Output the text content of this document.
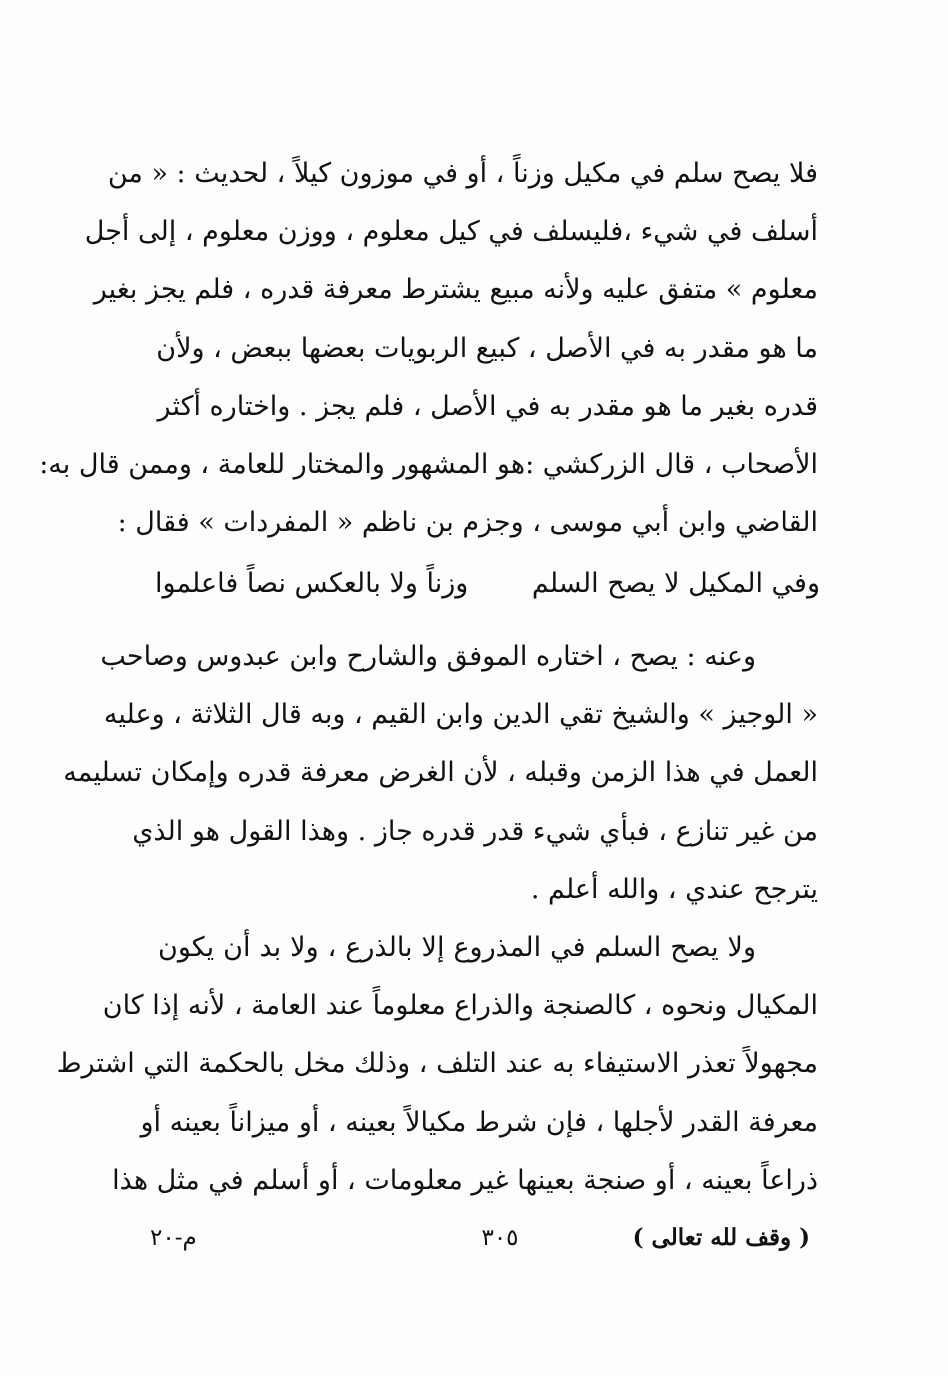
فلا يصح سلم في مكيل وزناً ، أو في موزون كيلاً ، لحديث : « من
أسلف في شيء ،فليسلف في كيل معلوم ، ووزن معلوم ، إلى أجل
معلوم » متفق عليه ولأنه مبيع يشترط معرفة قدره ، فلم يجز بغير
ما هو مقدر به في الأصل ، كبيع الربويات بعضها ببعض ، ولأن
قدره بغير ما هو مقدر به في الأصل ، فلم يجز . واختاره أكثر
الأصحاب ، قال الزركشي :هو المشهور والمختار للعامة ، وممن قال به:
القاضي وابن أبي موسى ، وجزم بن ناظم « المفردات » فقال :
وفي المكيل لا يصح السلم
وزناً ولا بالعكس نصاً فاعلموا
وعنه : يصح ، اختاره الموفق والشارح وابن عبدوس وصاحب
« الوجيز » والشيخ تقي الدين وابن القيم ، وبه قال الثلاثة ، وعليه
العمل في هذا الزمن وقبله ، لأن الغرض معرفة قدره وإمكان تسليمه
من غير تنازع ، فبأي شيء قدر قدره جاز . وهذا القول هو الذي
يترجح عندي ، والله أعلم .
ولا يصح السلم في المذروع إلا بالذرع ، ولا بد أن يكون
المكيال ونحوه ، كالصنجة والذراع معلوماً عند العامة ، لأنه إذا كان
مجهولاً تعذر الاستيفاء به عند التلف ، وذلك مخل بالحكمة التي اشترط
معرفة القدر لأجلها ، فإن شرط مكيالاً بعينه ، أو ميزاناً بعينه أو
ذراعاً بعينه ، أو صنجة بعينها غير معلومات ، أو أسلم في مثل هذا
( وقف لله تعالى )
٣٠٥
م-٢٠
